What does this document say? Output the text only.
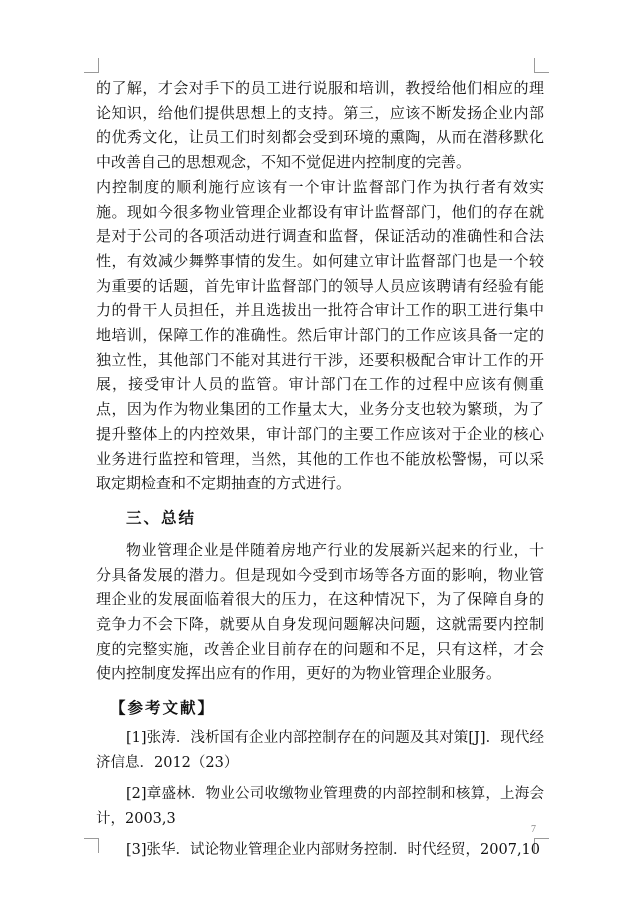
的了解，才会对手下的员工进行说服和培训，教授给他们相应的理论知识，给他们提供思想上的支持。第三，应该不断发扬企业内部的优秀文化，让员工们时刻都会受到环境的熏陶，从而在潜移默化中改善自己的思想观念，不知不觉促进内控制度的完善。

内控制度的顺利施行应该有一个审计监督部门作为执行者有效实施。现如今很多物业管理企业都设有审计监督部门，他们的存在就是对于公司的各项活动进行调查和监督，保证活动的准确性和合法性，有效减少舞弊事情的发生。如何建立审计监督部门也是一个较为重要的话题，首先审计监督部门的领导人员应该聘请有经验有能力的骨干人员担任，并且选拔出一批符合审计工作的职工进行集中地培训，保障工作的准确性。然后审计部门的工作应该具备一定的独立性，其他部门不能对其进行干涉，还要积极配合审计工作的开展，接受审计人员的监管。审计部门在工作的过程中应该有侧重点，因为作为物业集团的工作量太大，业务分支也较为繁琐，为了提升整体上的内控效果，审计部门的主要工作应该对于企业的核心业务进行监控和管理，当然，其他的工作也不能放松警惕，可以采取定期检查和不定期抽查的方式进行。

三、总结

物业管理企业是伴随着房地产行业的发展新兴起来的行业，十分具备发展的潜力。但是现如今受到市场等各方面的影响，物业管理企业的发展面临着很大的压力，在这种情况下，为了保障自身的竞争力不会下降，就要从自身发现问题解决问题，这就需要内控制度的完整实施，改善企业目前存在的问题和不足，只有这样，才会使内控制度发挥出应有的作用，更好的为物业管理企业服务。

【参考文献】

[1]张涛．浅析国有企业内部控制存在的问题及其对策[J]．现代经济信息．2012（23）

[2]章盛林．物业公司收缴物业管理费的内部控制和核算，上海会计，2003,3

[3]张华．试论物业管理企业内部财务控制．时代经贸，2007,10

7
